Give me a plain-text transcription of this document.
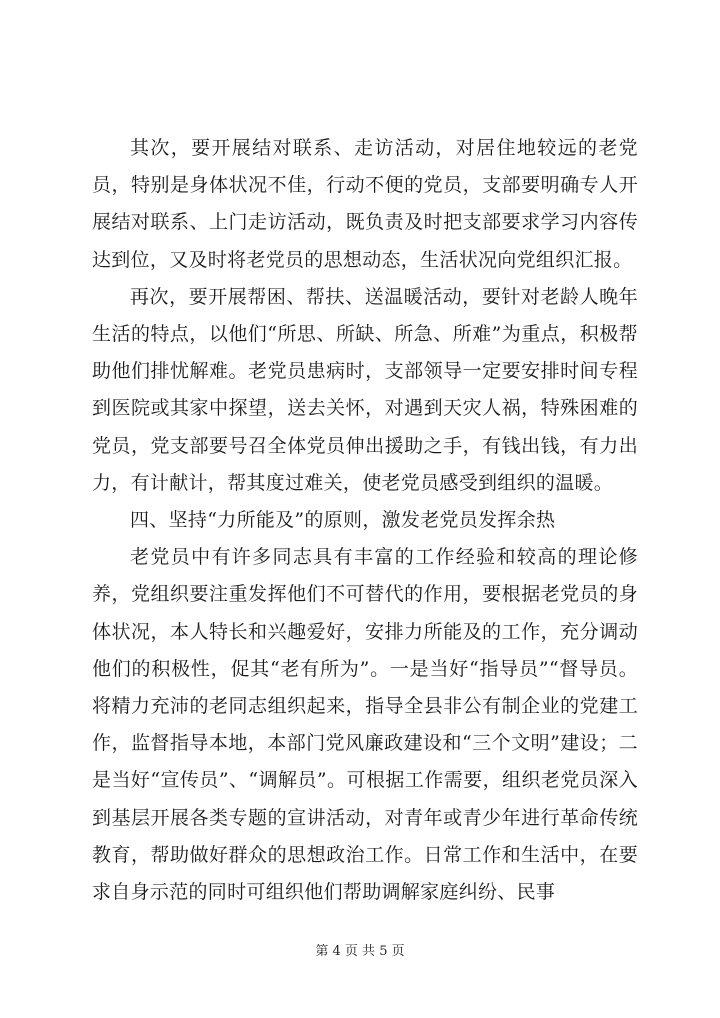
其次，要开展结对联系、走访活动，对居住地较远的老党员，特别是身体状况不佳，行动不便的党员，支部要明确专人开展结对联系、上门走访活动，既负责及时把支部要求学习内容传达到位，又及时将老党员的思想动态，生活状况向党组织汇报。

再次，要开展帮困、帮扶、送温暖活动，要针对老龄人晚年生活的特点，以他们“所思、所缺、所急、所难”为重点，积极帮助他们排忧解难。老党员患病时，支部领导一定要安排时间专程到医院或其家中探望，送去关怀，对遇到天灾人祸，特殊困难的党员，党支部要号召全体党员伸出援助之手，有钱出钱，有力出力，有计献计，帮其度过难关，使老党员感受到组织的温暖。

四、坚持“力所能及”的原则，激发老党员发挥余热

老党员中有许多同志具有丰富的工作经验和较高的理论修养，党组织要注重发挥他们不可替代的作用，要根据老党员的身体状况，本人特长和兴趣爱好，安排力所能及的工作，充分调动他们的积极性，促其“老有所为”。一是当好“指导员”“督导员。将精力充沛的老同志组织起来，指导全县非公有制企业的党建工作，监督指导本地，本部门党风廉政建设和“三个文明”建设；二是当好“宣传员”、“调解员”。可根据工作需要，组织老党员深入到基层开展各类专题的宣讲活动，对青年或青少年进行革命传统教育，帮助做好群众的思想政治工作。日常工作和生活中，在要求自身示范的同时可组织他们帮助调解家庭纠纷、民事

第 4 页 共 5 页
